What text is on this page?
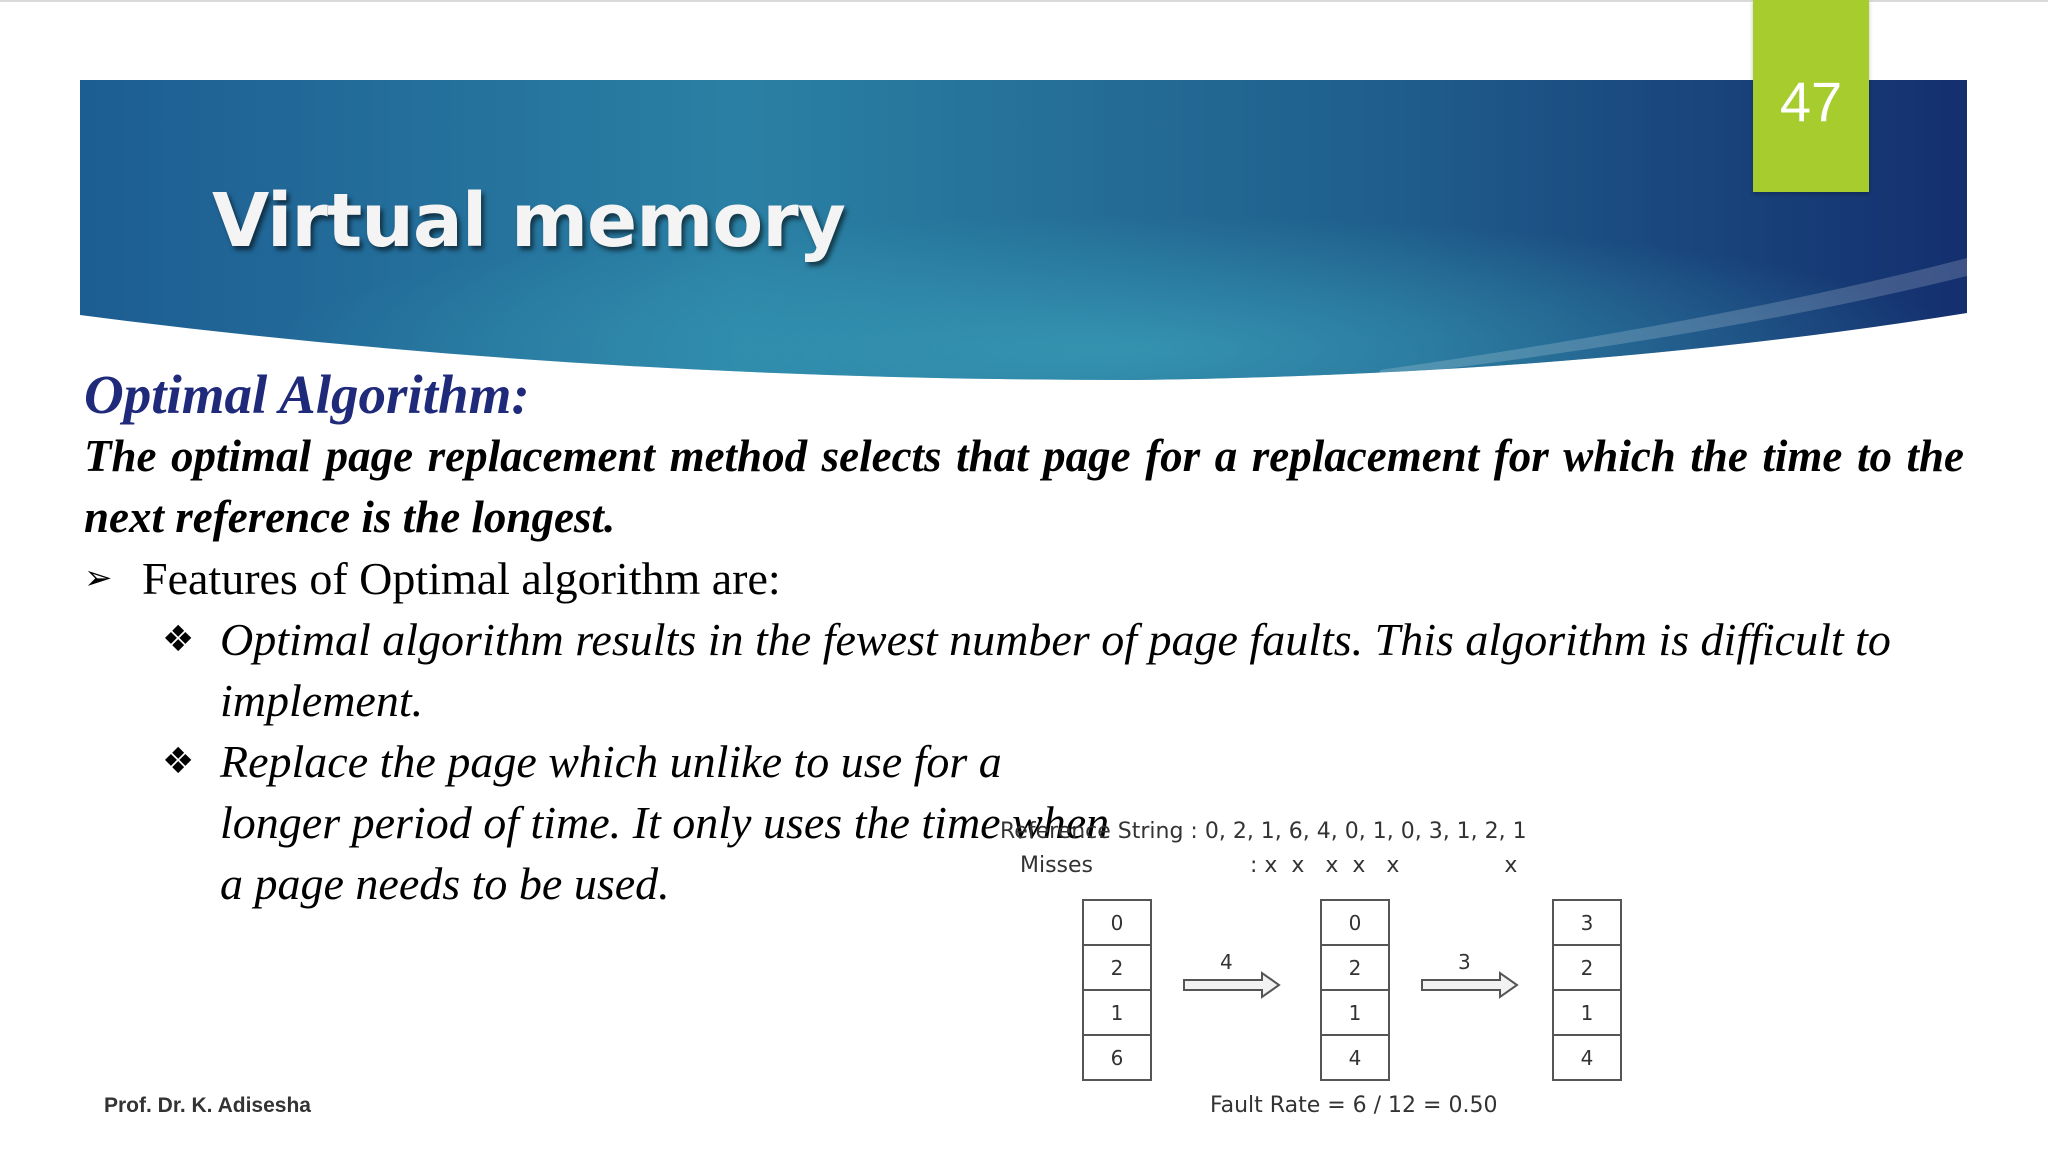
47
Virtual memory

Optimal Algorithm:

The optimal page replacement method selects that page for a replacement for which the time to the next reference is the longest.

➢ Features of Optimal algorithm are:
❖ Optimal algorithm results in the fewest number of page faults. This algorithm is difficult to implement.
❖ Replace the page which unlike to use for a longer period of time. It only uses the time when a page needs to be used.
Reference String : 0, 2, 1, 6, 4, 0, 1, 0, 3, 1, 2, 1
Misses	: x  x   x  x   x               x
0
2
1
6
4
0
2
1
4
3
3
2
1
4
Fault Rate = 6 / 12 = 0.50
Prof. Dr. K. Adisesha
